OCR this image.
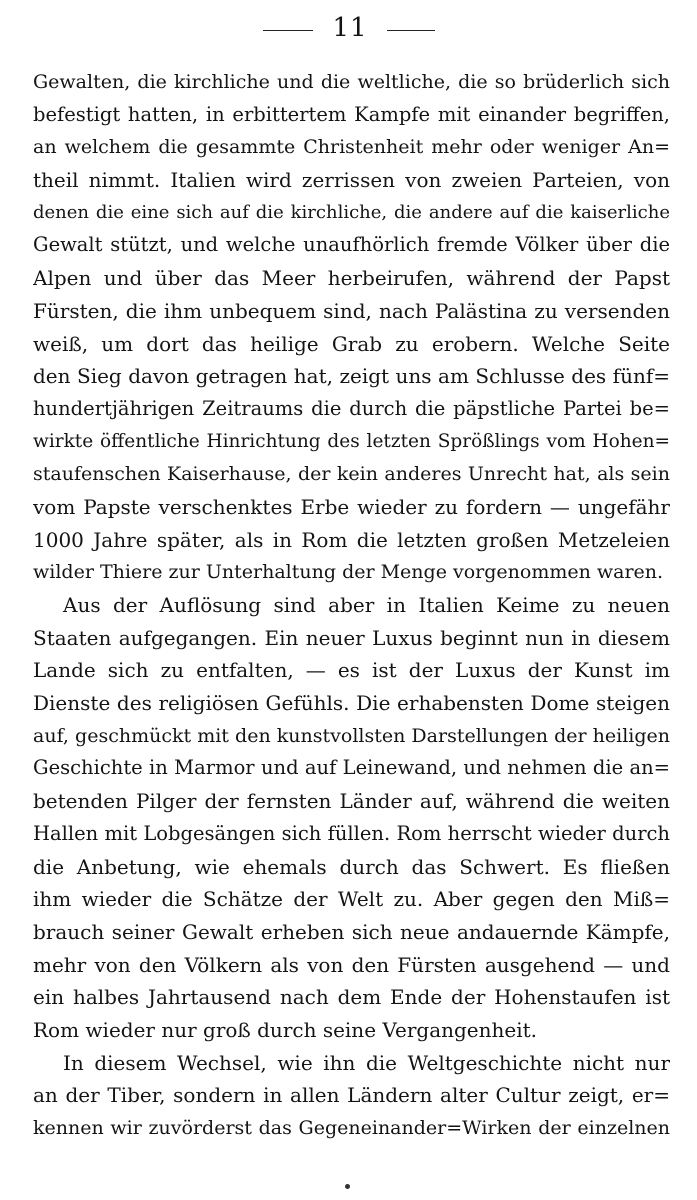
11
Gewalten, die kirchliche und die weltliche, die so brüderlich sich
befestigt hatten, in erbittertem Kampfe mit einander begriffen,
an welchem die gesammte Christenheit mehr oder weniger An=
theil nimmt. Italien wird zerrissen von zweien Parteien, von
denen die eine sich auf die kirchliche, die andere auf die kaiserliche
Gewalt stützt, und welche unaufhörlich fremde Völker über die
Alpen und über das Meer herbeirufen, während der Papst
Fürsten, die ihm unbequem sind, nach Palästina zu versenden
weiß, um dort das heilige Grab zu erobern. Welche Seite
den Sieg davon getragen hat, zeigt uns am Schlusse des fünf=
hundertjährigen Zeitraums die durch die päpstliche Partei be=
wirkte öffentliche Hinrichtung des letzten Sprößlings vom Hohen=
staufenschen Kaiserhause, der kein anderes Unrecht hat, als sein
vom Papste verschenktes Erbe wieder zu fordern — ungefähr
1000 Jahre später, als in Rom die letzten großen Metzeleien
wilder Thiere zur Unterhaltung der Menge vorgenommen waren.
Aus der Auflösung sind aber in Italien Keime zu neuen
Staaten aufgegangen. Ein neuer Luxus beginnt nun in diesem
Lande sich zu entfalten, — es ist der Luxus der Kunst im
Dienste des religiösen Gefühls. Die erhabensten Dome steigen
auf, geschmückt mit den kunstvollsten Darstellungen der heiligen
Geschichte in Marmor und auf Leinewand, und nehmen die an=
betenden Pilger der fernsten Länder auf, während die weiten
Hallen mit Lobgesängen sich füllen. Rom herrscht wieder durch
die Anbetung, wie ehemals durch das Schwert. Es fließen
ihm wieder die Schätze der Welt zu. Aber gegen den Miß=
brauch seiner Gewalt erheben sich neue andauernde Kämpfe,
mehr von den Völkern als von den Fürsten ausgehend — und
ein halbes Jahrtausend nach dem Ende der Hohenstaufen ist
Rom wieder nur groß durch seine Vergangenheit.
In diesem Wechsel, wie ihn die Weltgeschichte nicht nur
an der Tiber, sondern in allen Ländern alter Cultur zeigt, er=
kennen wir zuvörderst das Gegeneinander=Wirken der einzelnen
